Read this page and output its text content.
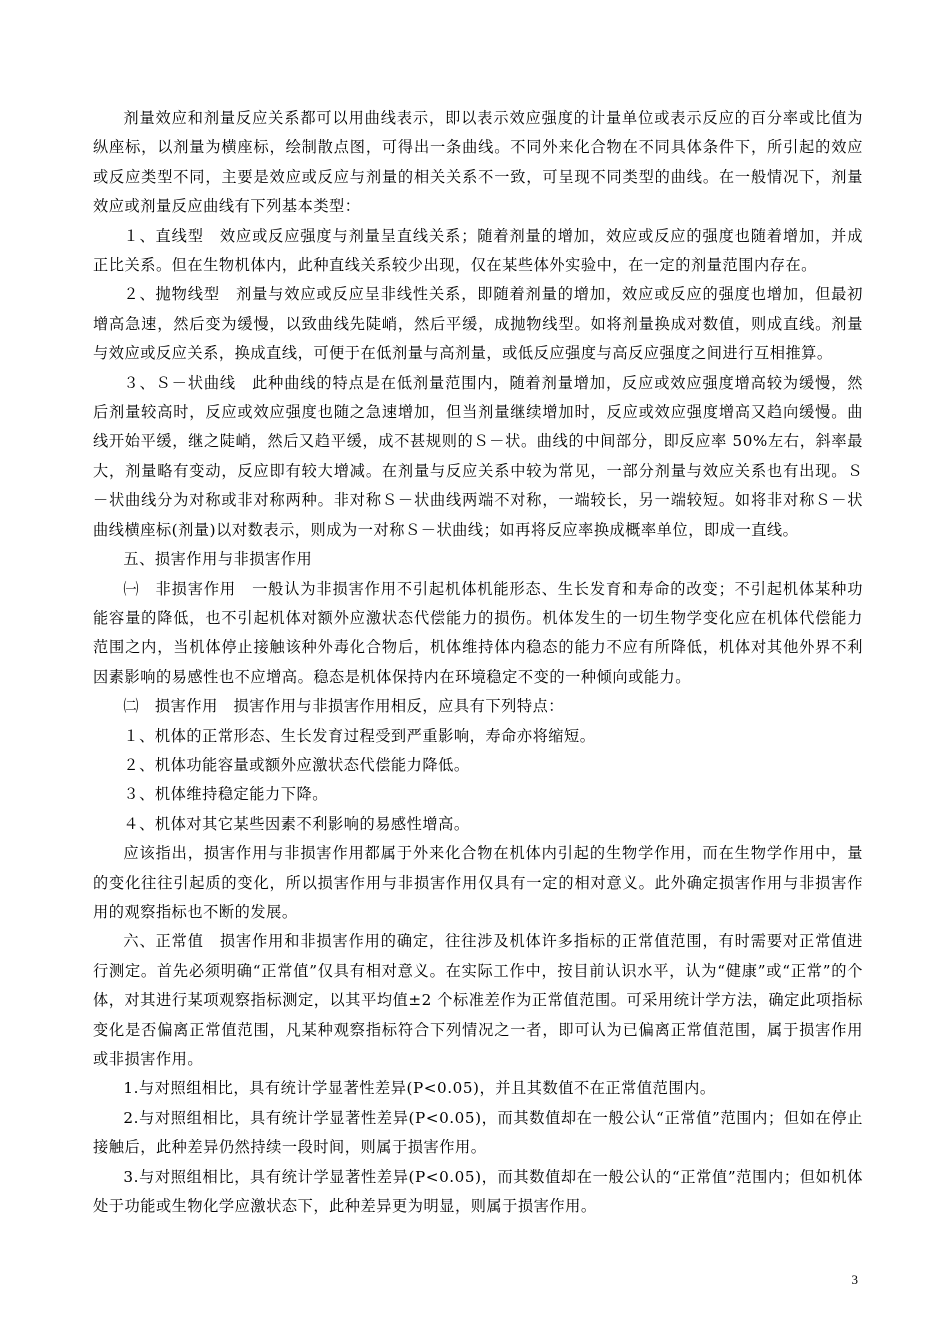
剂量效应和剂量反应关系都可以用曲线表示，即以表示效应强度的计量单位或表示反应的百分率或比值为纵座标，以剂量为横座标，绘制散点图，可得出一条曲线。不同外来化合物在不同具体条件下，所引起的效应或反应类型不同，主要是效应或反应与剂量的相关关系不一致，可呈现不同类型的曲线。在一般情况下，剂量效应或剂量反应曲线有下列基本类型：

１、直线型　效应或反应强度与剂量呈直线关系；随着剂量的增加，效应或反应的强度也随着增加，并成正比关系。但在生物机体内，此种直线关系较少出现，仅在某些体外实验中，在一定的剂量范围内存在。

２、抛物线型　剂量与效应或反应呈非线性关系，即随着剂量的增加，效应或反应的强度也增加，但最初增高急速，然后变为缓慢，以致曲线先陡峭，然后平缓，成抛物线型。如将剂量换成对数值，则成直线。剂量与效应或反应关系，换成直线，可便于在低剂量与高剂量，或低反应强度与高反应强度之间进行互相推算。

３、Ｓ－状曲线　此种曲线的特点是在低剂量范围内，随着剂量增加，反应或效应强度增高较为缓慢，然后剂量较高时，反应或效应强度也随之急速增加，但当剂量继续增加时，反应或效应强度增高又趋向缓慢。曲线开始平缓，继之陡峭，然后又趋平缓，成不甚规则的Ｓ－状。曲线的中间部分，即反应率 50%左右，斜率最大，剂量略有变动，反应即有较大增减。在剂量与反应关系中较为常见，一部分剂量与效应关系也有出现。Ｓ－状曲线分为对称或非对称两种。非对称Ｓ－状曲线两端不对称，一端较长，另一端较短。如将非对称Ｓ－状曲线横座标(剂量)以对数表示，则成为一对称Ｓ－状曲线；如再将反应率换成概率单位，即成一直线。

五、损害作用与非损害作用

㈠　非损害作用　一般认为非损害作用不引起机体机能形态、生长发育和寿命的改变；不引起机体某种功能容量的降低，也不引起机体对额外应激状态代偿能力的损伤。机体发生的一切生物学变化应在机体代偿能力范围之内，当机体停止接触该种外毒化合物后，机体维持体内稳态的能力不应有所降低，机体对其他外界不利因素影响的易感性也不应增高。稳态是机体保持内在环境稳定不变的一种倾向或能力。

㈡　损害作用　损害作用与非损害作用相反，应具有下列特点：

１、机体的正常形态、生长发育过程受到严重影响，寿命亦将缩短。

２、机体功能容量或额外应激状态代偿能力降低。

３、机体维持稳定能力下降。

４、机体对其它某些因素不利影响的易感性增高。

应该指出，损害作用与非损害作用都属于外来化合物在机体内引起的生物学作用，而在生物学作用中，量的变化往往引起质的变化，所以损害作用与非损害作用仅具有一定的相对意义。此外确定损害作用与非损害作用的观察指标也不断的发展。

六、正常值　损害作用和非损害作用的确定，往往涉及机体许多指标的正常值范围，有时需要对正常值进行测定。首先必须明确“正常值”仅具有相对意义。在实际工作中，按目前认识水平，认为“健康”或“正常”的个体，对其进行某项观察指标测定，以其平均值±2 个标准差作为正常值范围。可采用统计学方法，确定此项指标变化是否偏离正常值范围，凡某种观察指标符合下列情况之一者，即可认为已偏离正常值范围，属于损害作用或非损害作用。

1.与对照组相比，具有统计学显著性差异(P<0.05)，并且其数值不在正常值范围内。

2.与对照组相比，具有统计学显著性差异(P<0.05)，而其数值却在一般公认“正常值”范围内；但如在停止接触后，此种差异仍然持续一段时间，则属于损害作用。

3.与对照组相比，具有统计学显著性差异(P<0.05)，而其数值却在一般公认的“正常值”范围内；但如机体处于功能或生物化学应激状态下，此种差异更为明显，则属于损害作用。

3
